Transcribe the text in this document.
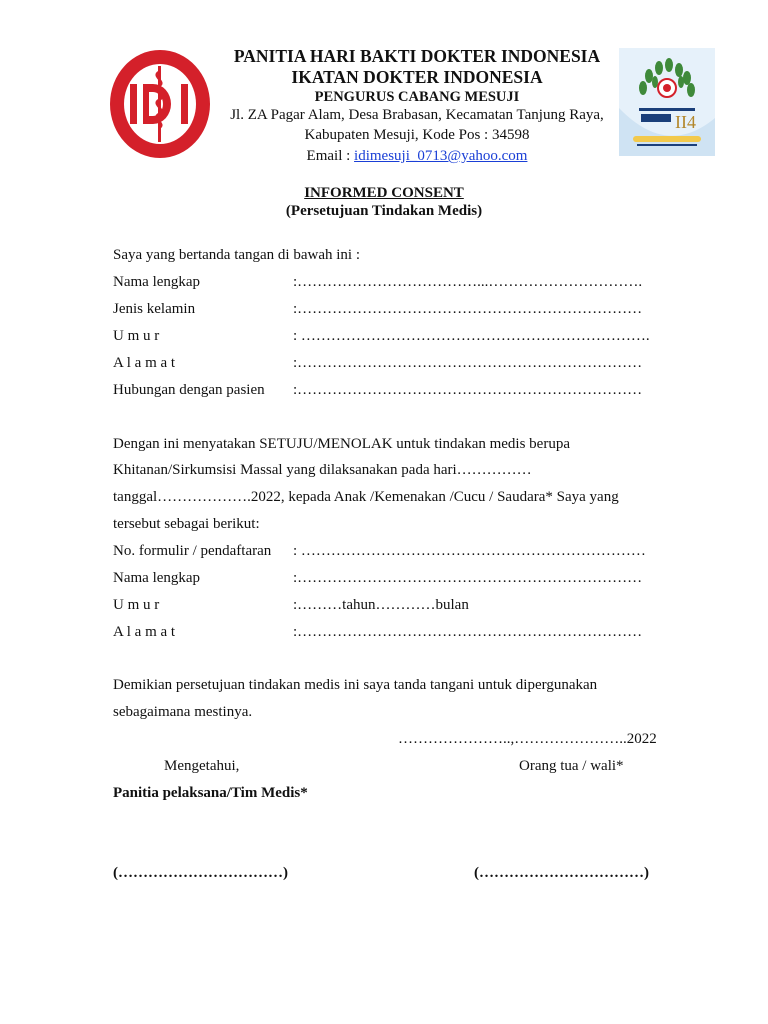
PANITIA HARI BAKTI DOKTER INDONESIA
IKATAN DOKTER INDONESIA
PENGURUS CABANG MESUJI
Jl. ZA Pagar Alam, Desa Brabasan, Kecamatan Tanjung Raya,
Kabupaten Mesuji, Kode Pos : 34598
Email : idimesuji_0713@yahoo.com
II4
INFORMED CONSENT
(Persetujuan Tindakan Medis)
Saya yang bertanda tangan di bawah ini :
Nama lengkap	:………………………………...………………………….
Jenis kelamin	:……………………………………………………………
U m u r	: …………………………………………………………….
A l a m a t	:……………………………………………………………
Hubungan dengan pasien :……………………………………………………………
Dengan ini menyatakan SETUJU/MENOLAK untuk tindakan medis berupa
Khitanan/Sirkumsisi Massal yang dilaksanakan pada hari……………
tanggal……………….2022, kepada Anak /Kemenakan /Cucu / Saudara* Saya yang
tersebut sebagai berikut:
No. formulir / pendaftaran : ……………………………………………………………
Nama lengkap	:……………………………………………………………
U m u r	:………tahun…………bulan
A l a m a t	:……………………………………………………………
Demikian persetujuan tindakan medis ini saya tanda tangani untuk dipergunakan
sebagaimana mestinya.
…………………..,…………………..2022
Mengetahui,	Orang tua / wali*
Panitia pelaksana/Tim Medis*
(……………………………)	(……………………………)
